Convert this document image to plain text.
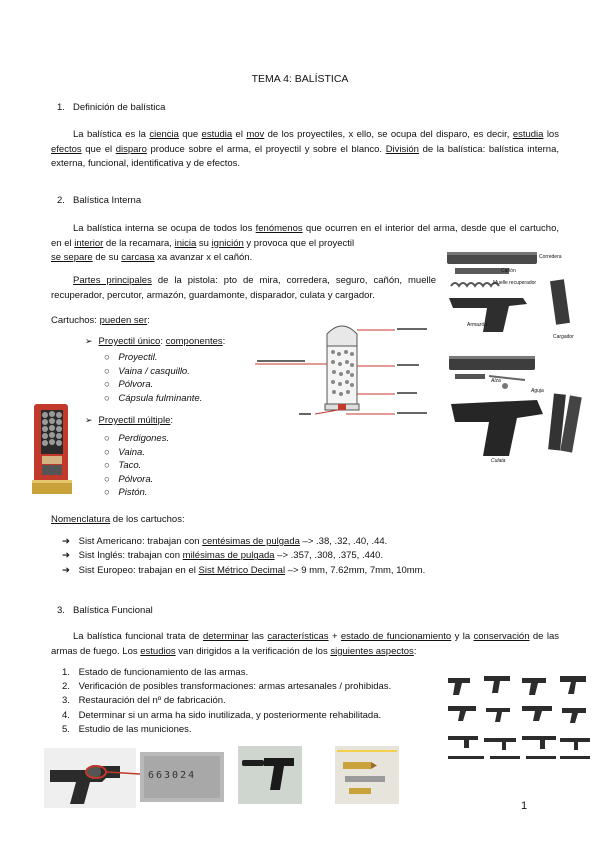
TEMA 4: BALÍSTICA
1. Definición de balística
La balística es la ciencia que estudia el mov de los proyectiles, x ello, se ocupa del disparo, es decir, estudia los efectos que el disparo produce sobre el arma, el proyectil y sobre el blanco. División de la balística: balística interna, externa, funcional, identificativa y de efectos.
2. Balística Interna
La balística interna se ocupa de todos los fenómenos que ocurren en el interior del arma, desde que el cartucho, en el interior de la recamara, inicia su ignición y provoca que el proyectil
se separe de su carcasa xa avanzar x el cañón.
Partes principales de la pistola: pto de mira, corredera, seguro, cañón, muelle recuperador, percutor, armazón, guardamonte, disparador, culata y cargador.
Cartuchos: pueden ser:
➢ Proyectil único: componentes:
○ Proyectil.
○ Vaina / casquillo.
○ Pólvora.
○ Cápsula fulminante.
➢ Proyectil múltiple:
○ Perdigones.
○ Vaina.
○ Taco.
○ Pólvora.
○ Pistón.
Nomenclatura de los cartuchos:
➔ Sist Americano: trabajan con centésimas de pulgada –> .38, .32, .40, .44.
➔ Sist Inglés: trabajan con milésimas de pulgada –> .357, .308, .375, .440.
➔ Sist Europeo: trabajan en el Sist Métrico Decimal –> 9 mm, 7.62mm, 7mm, 10mm.
3. Balística Funcional
La balística funcional trata de determinar las características + estado de funcionamiento y la conservación de las armas de fuego. Los estudios van dirigidos a la verificación de los siguientes aspectos:
1. Estado de funcionamiento de las armas.
2. Verificación de posibles transformaciones: armas artesanales / prohibidas.
3. Restauración del nº de fabricación.
4. Determinar si un arma ha sido inutilizada, y posteriormente rehabilitada.
5. Estudio de las municiones.
1
Corredera
Cañón
Muelle recuperador
Armazón
Cargador
Alza
Aguja
Culata
663024
